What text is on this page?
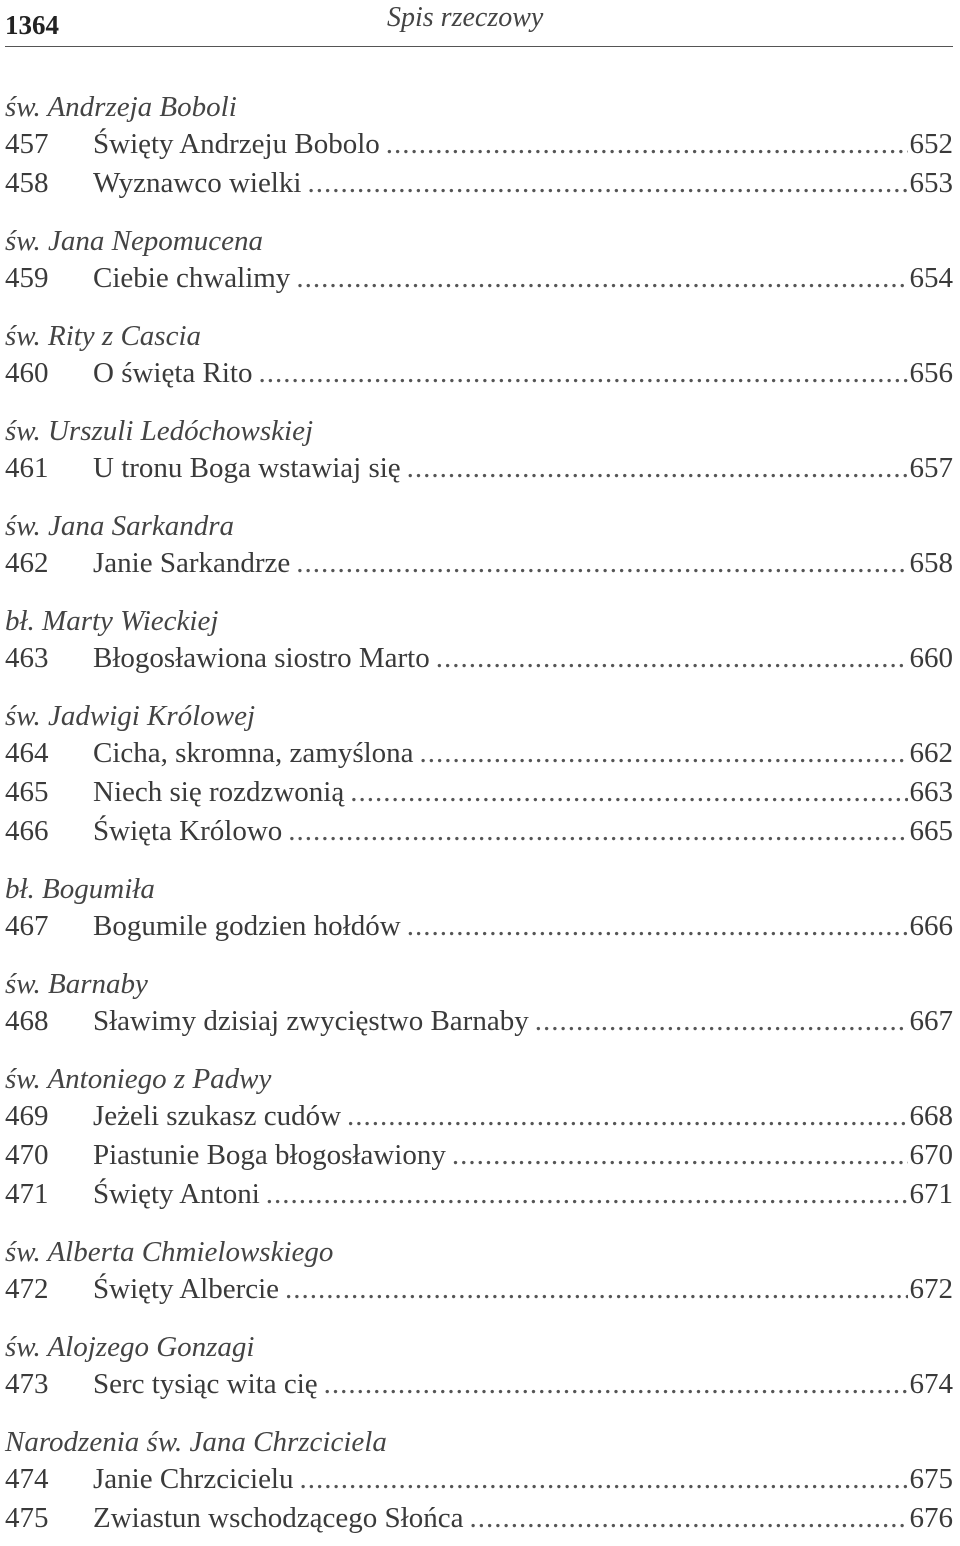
1364	Spis rzeczowy
św. Andrzeja Boboli
457	Święty Andrzeju Bobolo .....	652
458	Wyznawco wielki .....	653
św. Jana Nepomucena
459	Ciebie chwalimy .....	654
św. Rity z Cascia
460	O święta Rito .....	656
św. Urszuli Ledóchowskiej
461	U tronu Boga wstawiaj się .....	657
św. Jana Sarkandra
462	Janie Sarkandrze .....	658
bł. Marty Wieckiej
463	Błogosławiona siostro Marto .....	660
św. Jadwigi Królowej
464	Cicha, skromna, zamyślona .....	662
465	Niech się rozdzwonią .....	663
466	Święta Królowo .....	665
bł. Bogumiła
467	Bogumile godzien hołdów .....	666
św. Barnaby
468	Sławimy dzisiaj zwycięstwo Barnaby .....	667
św. Antoniego z Padwy
469	Jeżeli szukasz cudów .....	668
470	Piastunie Boga błogosławiony .....	670
471	Święty Antoni .....	671
św. Alberta Chmielowskiego
472	Święty Albercie .....	672
św. Alojzego Gonzagi
473	Serc tysiąc wita cię .....	674
Narodzenia św. Jana Chrzciciela
474	Janie Chrzcicielu .....	675
475	Zwiastun wschodzącego Słońca .....	676
